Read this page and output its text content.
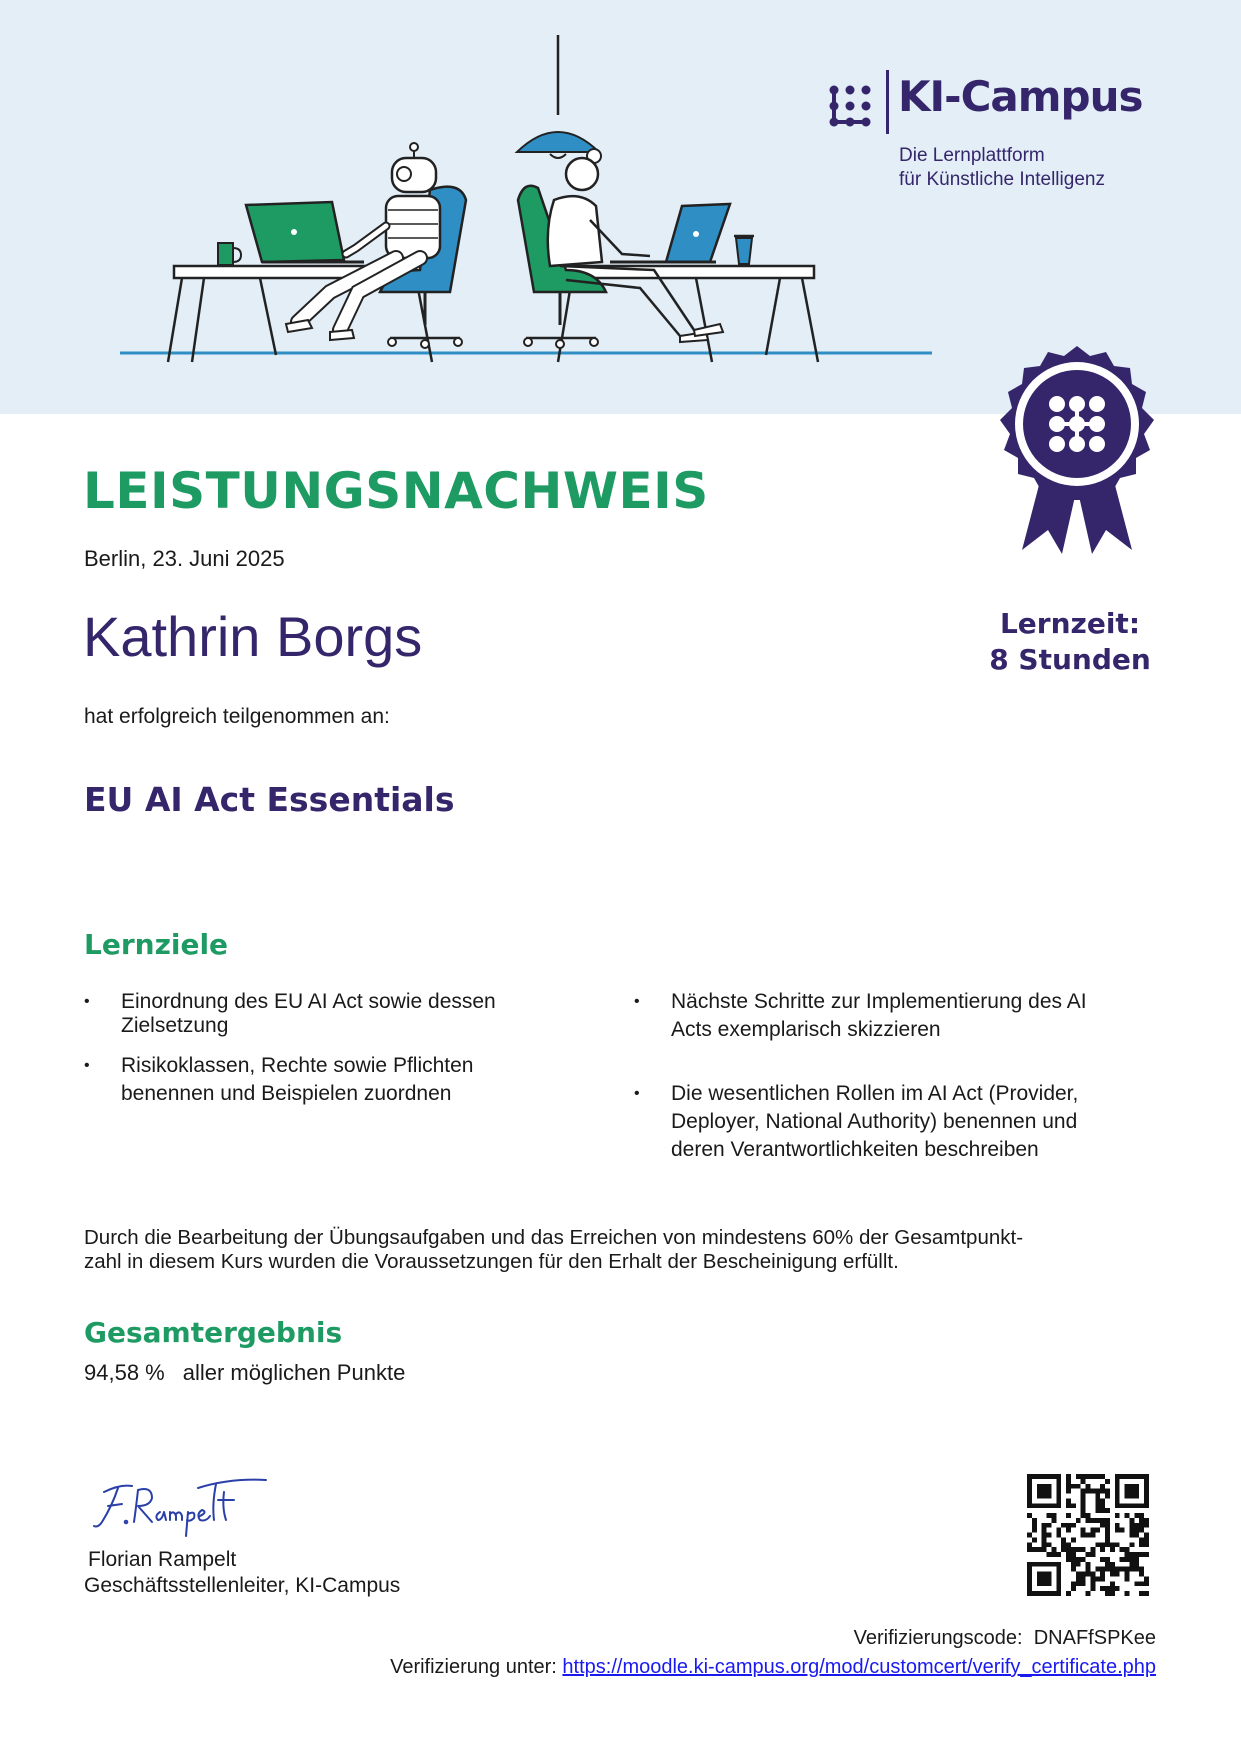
KI-Campus
Die Lernplattform
für Künstliche Intelligenz
LEISTUNGSNACHWEIS
Berlin, 23. Juni 2025
Kathrin Borgs	Lernzeit:
8 Stunden
hat erfolgreich teilgenommen an:
EU AI Act Essentials
Lernziele
• Einordnung des EU AI Act sowie dessen
Zielsetzung
• Risikoklassen, Rechte sowie Pflichten
benennen und Beispielen zuordnen
• Nächste Schritte zur Implementierung des AI
Acts exemplarisch skizzieren
• Die wesentlichen Rollen im AI Act (Provider,
Deployer, National Authority) benennen und
deren Verantwortlichkeiten beschreiben
Durch die Bearbeitung der Übungsaufgaben und das Erreichen von mindestens 60% der Gesamtpunkt-
zahl in diesem Kurs wurden die Voraussetzungen für den Erhalt der Bescheinigung erfüllt.
Gesamtergebnis
94,58 % aller möglichen Punkte
Florian Rampelt
Geschäftsstellenleiter, KI-Campus
Verifizierungscode: DNAFfSPKee
Verifizierung unter: https://moodle.ki-campus.org/mod/customcert/verify_certificate.php
